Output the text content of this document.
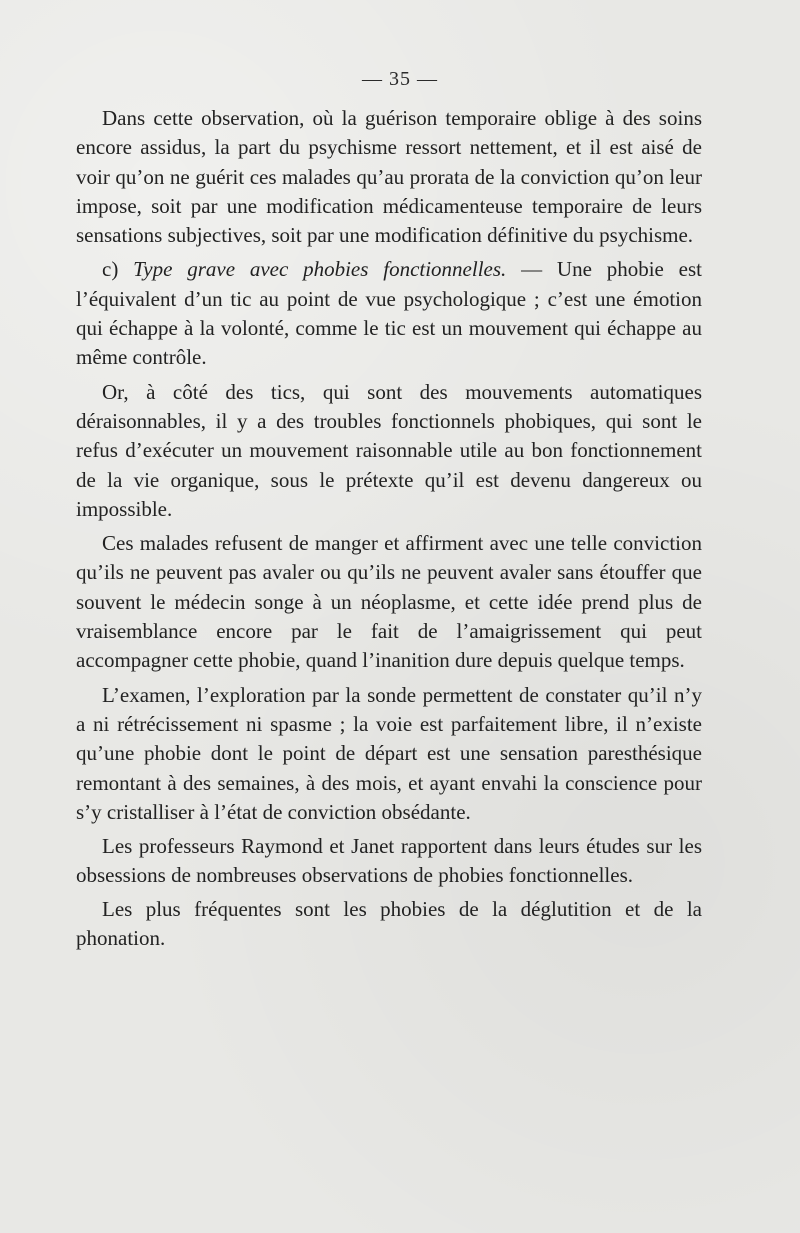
— 35 —

Dans cette observation, où la guérison temporaire oblige à des soins encore assidus, la part du psychisme ressort nettement, et il est aisé de voir qu’on ne guérit ces malades qu’au prorata de la conviction qu’on leur impose, soit par une modification médicamenteuse temporaire de leurs sensations subjectives, soit par une modification définitive du psychisme.

c) Type grave avec phobies fonctionnelles. — Une phobie est l’équivalent d’un tic au point de vue psychologique ; c’est une émotion qui échappe à la volonté, comme le tic est un mouvement qui échappe au même contrôle.

Or, à côté des tics, qui sont des mouvements automatiques déraisonnables, il y a des troubles fonctionnels phobiques, qui sont le refus d’exécuter un mouvement raisonnable utile au bon fonctionnement de la vie organique, sous le prétexte qu’il est devenu dangereux ou impossible.

Ces malades refusent de manger et affirment avec une telle conviction qu’ils ne peuvent pas avaler ou qu’ils ne peuvent avaler sans étouffer que souvent le médecin songe à un néoplasme, et cette idée prend plus de vraisemblance encore par le fait de l’amaigrissement qui peut accompagner cette phobie, quand l’inanition dure depuis quelque temps.

L’examen, l’exploration par la sonde permettent de constater qu’il n’y a ni rétrécissement ni spasme ; la voie est parfaitement libre, il n’existe qu’une phobie dont le point de départ est une sensation paresthésique remontant à des semaines, à des mois, et ayant envahi la conscience pour s’y cristalliser à l’état de conviction obsédante.

Les professeurs Raymond et Janet rapportent dans leurs études sur les obsessions de nombreuses observations de phobies fonctionnelles.

Les plus fréquentes sont les phobies de la déglutition et de la phonation.
